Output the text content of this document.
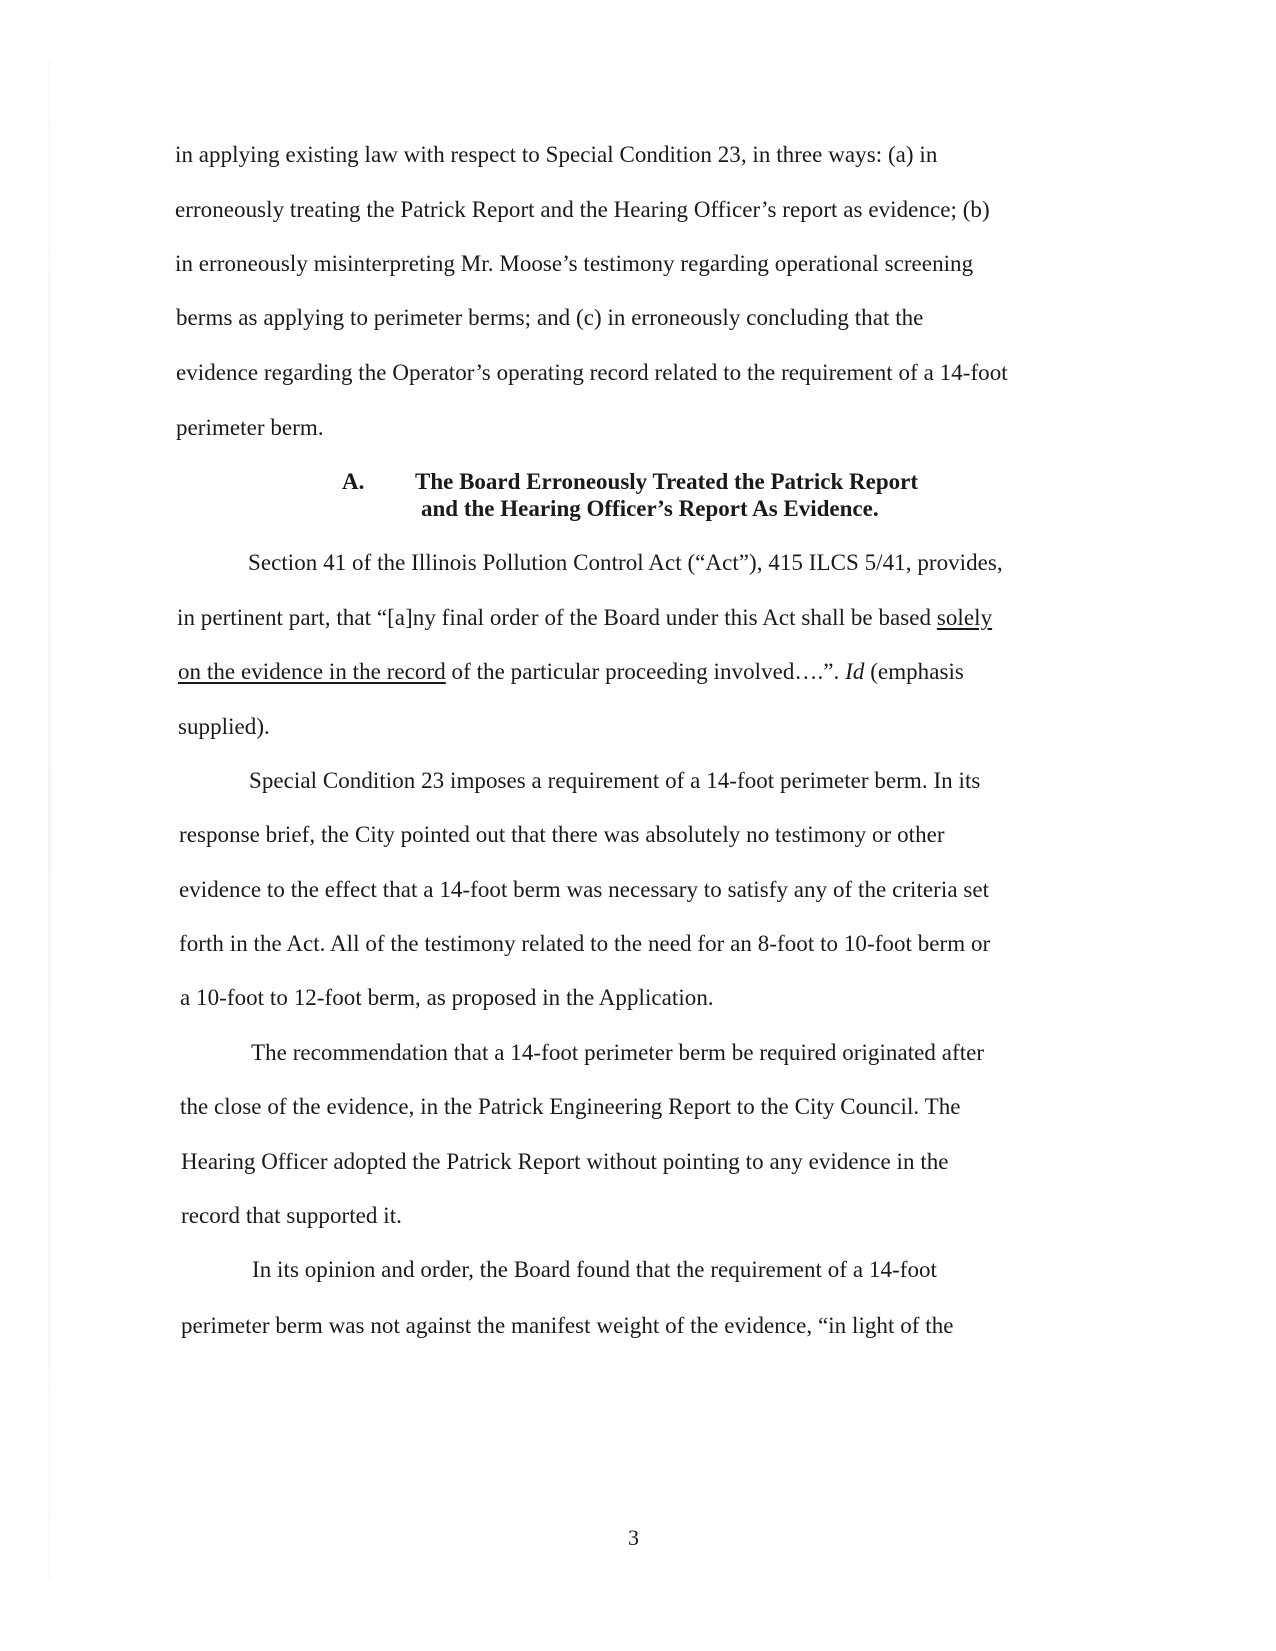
in applying existing law with respect to Special Condition 23, in three ways: (a) in
erroneously treating the Patrick Report and the Hearing Officer’s report as evidence; (b)
in erroneously misinterpreting Mr. Moose’s testimony regarding operational screening
berms as applying to perimeter berms; and (c) in erroneously concluding that the
evidence regarding the Operator’s operating record related to the requirement of a 14-foot
perimeter berm.
A. The Board Erroneously Treated the Patrick Report
and the Hearing Officer’s Report As Evidence.
Section 41 of the Illinois Pollution Control Act (“Act”), 415 ILCS 5/41, provides,
in pertinent part, that “[a]ny final order of the Board under this Act shall be based solely
on the evidence in the record of the particular proceeding involved….”. Id (emphasis
supplied).
Special Condition 23 imposes a requirement of a 14-foot perimeter berm. In its
response brief, the City pointed out that there was absolutely no testimony or other
evidence to the effect that a 14-foot berm was necessary to satisfy any of the criteria set
forth in the Act. All of the testimony related to the need for an 8-foot to 10-foot berm or
a 10-foot to 12-foot berm, as proposed in the Application.
The recommendation that a 14-foot perimeter berm be required originated after
the close of the evidence, in the Patrick Engineering Report to the City Council. The
Hearing Officer adopted the Patrick Report without pointing to any evidence in the
record that supported it.
In its opinion and order, the Board found that the requirement of a 14-foot
perimeter berm was not against the manifest weight of the evidence, “in light of the
3
